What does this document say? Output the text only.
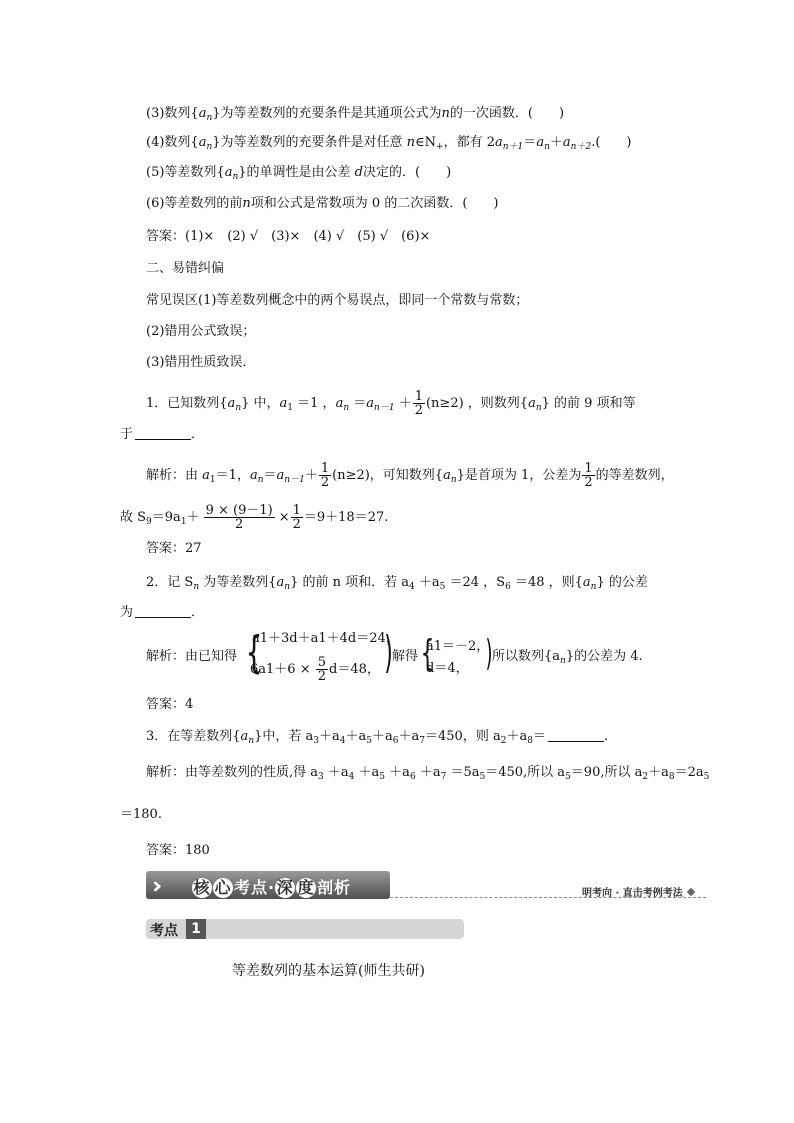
(3)数列$\{a_n\}$为等差数列的充要条件是其通项公式为n的一次函数．(　　)
(4)数列$\{a_n\}$为等差数列的充要条件是对任意 $n\in N_+$，都有 $2a_{n+1}=a_n+a_{n+2}$.(　　)
(5)等差数列$\{a_n\}$的单调性是由公差 d决定的．(　　)
(6)等差数列的前n项和公式是常数项为 0 的二次函数．(　　)
答案：(1)×　(2) √　(3)×　(4) √　(5) √　(6)×
二、易错纠偏
常见误区(1)等差数列概念中的两个易误点，即同一个常数与常数；
(2)错用公式致误；
(3)错用性质致误．
1．已知数列$\{a_n\}$ 中，$a_1 =1$ ，$a_n =a_{n-1} + \frac{1}{2} (n\ge 2)$ ，则数列$\{a_n\}$ 的前 9 项和等
于	．
解析：由 $a_1=1$，$a_n=a_{n-1}+ \frac{1}{2} (n\ge 2)$，可知数列$\{a_n\}$是首项为 1，公差为 $\frac{1}{2}$ 的等差数列，
故 $S_9=9a_1+ \frac{9 \times (9-1)}{2} \times \frac{1}{2} =9+18=27$.
答案：27
2．记 $S_n$ 为等差数列$\{a_n\}$ 的前 n 项和．若 $a_4 +a_5 =24$ ，$S_6 =48$ ，则$\{a_n\}$ 的公差
为	．
解析：由已知得 {
a1＋3d＋a1＋4d＝24，
$6a1+6 \times \frac{5}{2} d=48$， ) 解得 {
a1＝－2，
d＝4， ) 所以数列$\{a_n\}$的公差为 4.
答案：4
3．在等差数列$\{a_n\}$中，若 $a_3+a_4+a_5+a_6+a_7=450$，则 $a_2+a_8=$	．
解析：由等差数列的性质,得 $a_3 +a_4 +a_5 +a_6 +a_7 =5a_5=450$,所以 $a_5=90$,所以 $a_2+a_8=2a_5$
＝180.
答案：180
››› 核 心 考点·深 度 剖析	明考向 · 直击考例考法
考点 1
等差数列的基本运算(师生共研)
